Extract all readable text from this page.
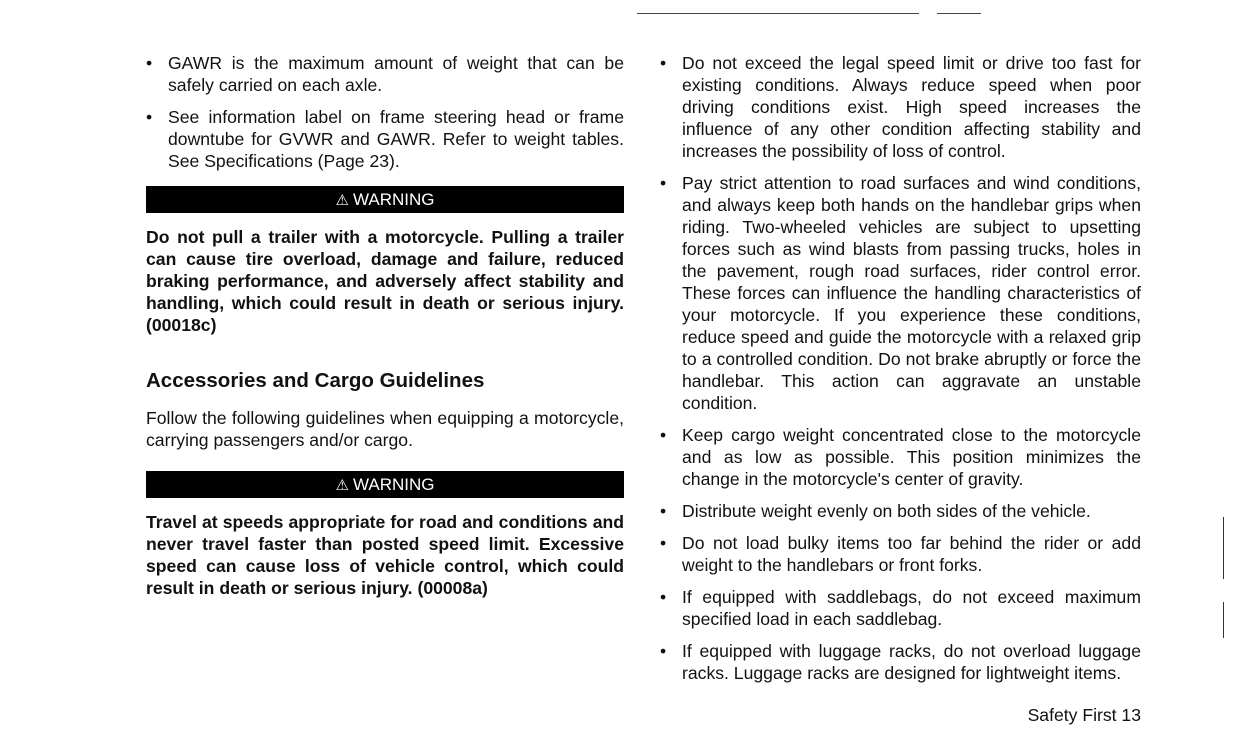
• GAWR is the maximum amount of weight that can be safely carried on each axle.
• See information label on frame steering head or frame downtube for GVWR and GAWR. Refer to weight tables. See Specifications (Page 23).
⚠ WARNING
Do not pull a trailer with a motorcycle. Pulling a trailer can cause tire overload, damage and failure, reduced braking performance, and adversely affect stability and handling, which could result in death or serious injury. (00018c)
Accessories and Cargo Guidelines

Follow the following guidelines when equipping a motorcycle, carrying passengers and/or cargo.

⚠ WARNING
Travel at speeds appropriate for road and conditions and never travel faster than posted speed limit. Excessive speed can cause loss of vehicle control, which could result in death or serious injury. (00008a)
• Do not exceed the legal speed limit or drive too fast for existing conditions. Always reduce speed when poor driving conditions exist. High speed increases the influence of any other condition affecting stability and increases the possibility of loss of control.
• Pay strict attention to road surfaces and wind conditions, and always keep both hands on the handlebar grips when riding. Two-wheeled vehicles are subject to upsetting forces such as wind blasts from passing trucks, holes in the pavement, rough road surfaces, rider control error. These forces can influence the handling characteristics of your motorcycle. If you experience these conditions, reduce speed and guide the motorcycle with a relaxed grip to a controlled condition. Do not brake abruptly or force the handlebar. This action can aggravate an unstable condition.
• Keep cargo weight concentrated close to the motorcycle and as low as possible. This position minimizes the change in the motorcycle's center of gravity.
• Distribute weight evenly on both sides of the vehicle.
• Do not load bulky items too far behind the rider or add weight to the handlebars or front forks.
• If equipped with saddlebags, do not exceed maximum specified load in each saddlebag.
• If equipped with luggage racks, do not overload luggage racks. Luggage racks are designed for lightweight items.
Safety First 13
